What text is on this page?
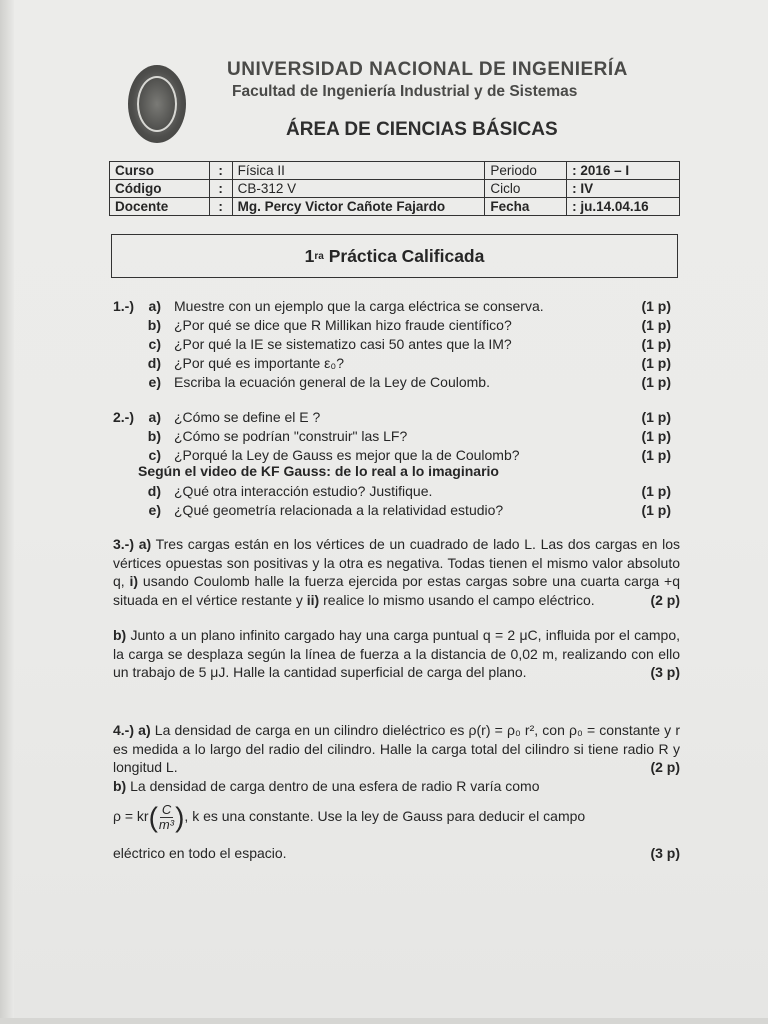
UNIVERSIDAD NACIONAL DE INGENIERÍA
Facultad de Ingeniería Industrial y de Sistemas
ÁREA DE CIENCIAS BÁSICAS
Curso	:	Física II	Periodo	: 2016 – I
Código	:	CB-312 V	Ciclo	: IV
Docente	:	Mg. Percy Victor Cañote Fajardo	Fecha	: ju.14.04.16
1 ra Práctica Calificada
1.-)	a) Muestre con un ejemplo que la carga eléctrica se conserva.	(1 p)
b) ¿Por qué se dice que R Millikan hizo fraude científico?	(1 p)
c) ¿Por qué la IE se sistematizo casi 50 antes que la IM?	(1 p)
d) ¿Por qué es importante ε₀?	(1 p)
e) Escriba la ecuación general de la Ley de Coulomb.	(1 p)
2.-)	a) ¿Cómo se define el E ?	(1 p)
b) ¿Cómo se podrían "construir" las LF?	(1 p)
c) ¿Porqué la Ley de Gauss es mejor que la de Coulomb?	(1 p)
Según el video de KF Gauss: de lo real a lo imaginario
d) ¿Qué otra interacción estudio? Justifique.	(1 p)
e) ¿Qué geometría relacionada a la relatividad estudio?	(1 p)
3.-) a) Tres cargas están en los vértices de un cuadrado de lado L. Las dos cargas en los vértices opuestas son positivas y la otra es negativa. Todas tienen el mismo valor absoluto q, i) usando Coulomb halle la fuerza ejercida por estas cargas sobre una cuarta carga +q situada en el vértice restante y ii) realice lo mismo usando el campo eléctrico.	(2 p)
b) Junto a un plano infinito cargado hay una carga puntual q = 2 μC, influida por el campo, la carga se desplaza según la línea de fuerza a la distancia de 0,02 m, realizando con ello un trabajo de 5 μJ. Halle la cantidad superficial de carga del plano.	(3 p)
4.-) a) La densidad de carga en un cilindro dieléctrico es ρ(r) = ρ₀ r², con ρ₀ = constante y r es medida a lo largo del radio del cilindro. Halle la carga total del cilindro si tiene radio R y longitud L.	(2 p)
b) La densidad de carga dentro de una esfera de radio R varía como
$\rho = kr( \frac{C}{\text{m³}}$ ), k es una constante. Use la ley de Gauss para deducir el campo
eléctrico en todo el espacio.	(3 p)
